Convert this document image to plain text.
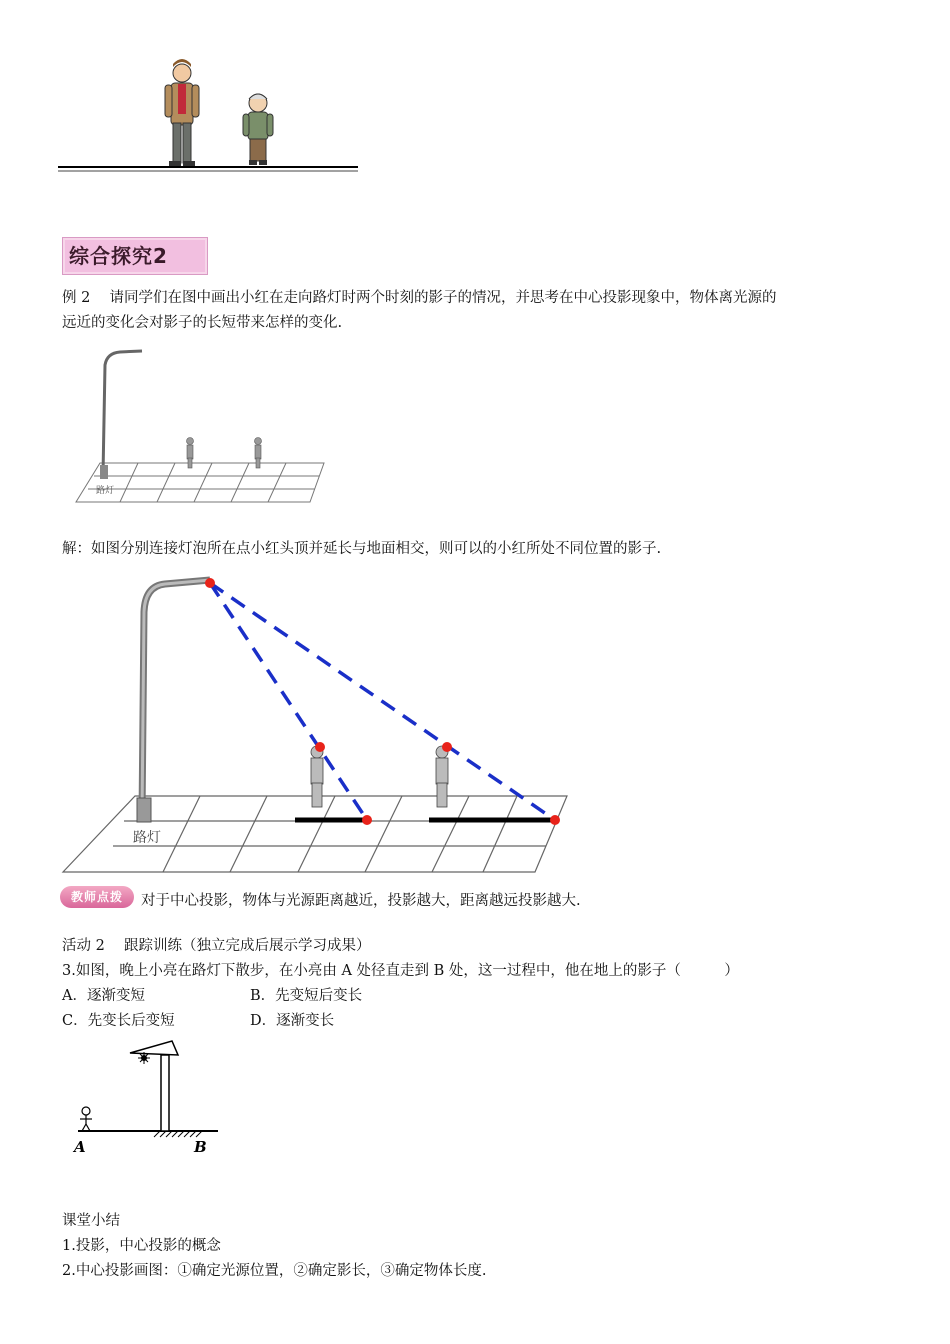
综合探究2
例 2　 请同学们在图中画出小红在走向路灯时两个时刻的影子的情况，并思考在中心投影现象中，物体离光源的
远近的变化会对影子的长短带来怎样的变化.
路灯
解：如图分别连接灯泡所在点小红头顶并延长与地面相交，则可以的小红所处不同位置的影子.
路灯
教师点拨	对于中心投影，物体与光源距离越近，投影越大，距离越远投影越大.
活动 2　 跟踪训练（独立完成后展示学习成果）
3.如图，晚上小亮在路灯下散步，在小亮由 A 处径直走到 B 处，这一过程中，他在地上的影子（　　　）
A．逐渐变短	B．先变短后变长
C．先变长后变短	D．逐渐变长
A	B
课堂小结
1.投影，中心投影的概念
2.中心投影画图：①确定光源位置，②确定影长，③确定物体长度.
